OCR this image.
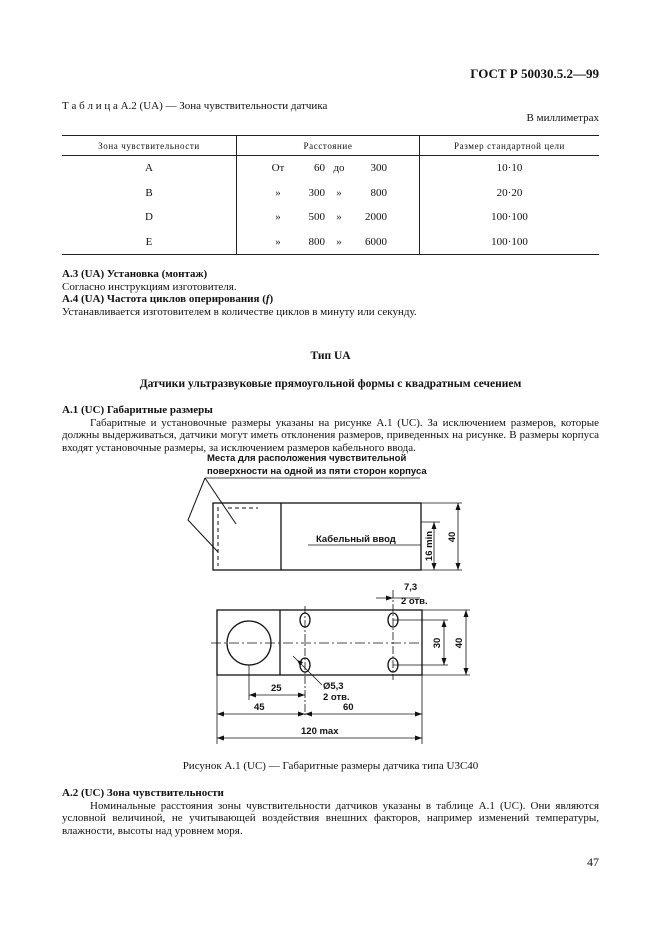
ГОСТ Р 50030.5.2—99
Т а б л и ц а А.2 (UA) — Зона чувствительности датчика
В миллиметрах
Зона чувствительности	Расстояние	Размер стандартной цели
A	От 60 до 300	10·10
B	» 300 » 800	20·20
D	» 500 » 2000	100·100
E	» 800 » 6000	100·100

А.3 (UA) Установка (монтаж)

Согласно инструкциям изготовителя.

А.4 (UA) Частота циклов оперирования (f)

Устанавливается изготовителем в количестве циклов в минуту или секунду.

Тип UA
Датчики ультразвуковые прямоугольной формы с квадратным сечением

А.1 (UC) Габаритные размеры

Габаритные и установочные размеры указаны на рисунке А.1 (UC). За исключением размеров, которые должны выдерживаться, датчики могут иметь отклонения размеров, приведенных на рисунке. В размеры корпуса входят установочные размеры, за исключением размеров кабельного ввода.

Места для расположения чувствительной
поверхности на одной из пяти сторон корпуса
Кабельный ввод	16 min 40
7,3
2 отв.
30 40
25	Ø5,3
2 отв.
45	60
120 max
Рисунок А.1 (UC) — Габаритные размеры датчика типа U3C40

А.2 (UC) Зона чувствительности

Номинальные расстояния зоны чувствительности датчиков указаны в таблице А.1 (UC). Они являются условной величиной, не учитывающей воздействия внешних факторов, например изменений температуры, влажности, высоты над уровнем моря.

47
